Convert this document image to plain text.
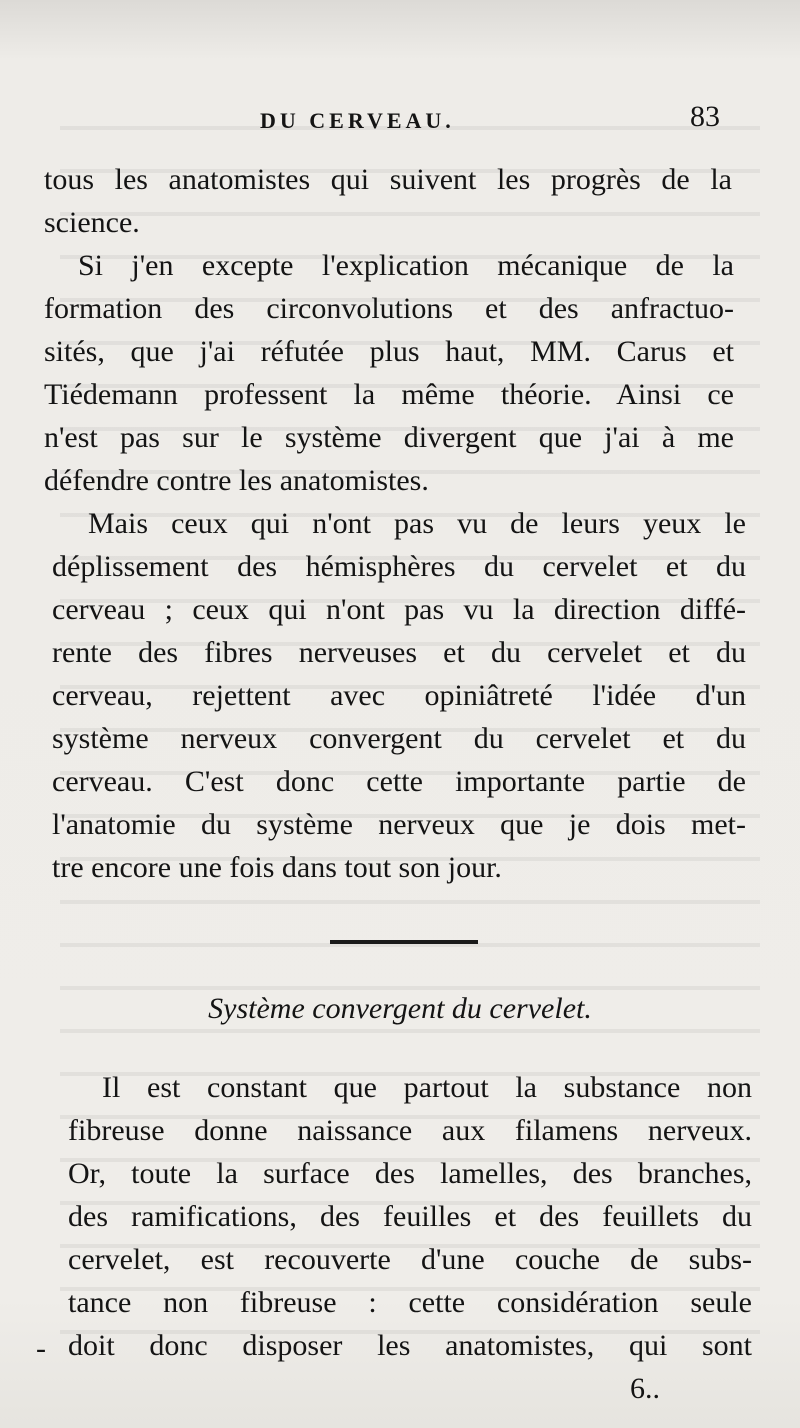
DU CERVEAU.	83
tous les anatomistes qui suivent les progrès de la
science.
Si j'en excepte l'explication mécanique de la
formation des circonvolutions et des anfractuo-
sités, que j'ai réfutée plus haut, MM. Carus et
Tiédemann professent la même théorie. Ainsi ce
n'est pas sur le système divergent que j'ai à me
défendre contre les anatomistes.
Mais ceux qui n'ont pas vu de leurs yeux le
déplissement des hémisphères du cervelet et du
cerveau ; ceux qui n'ont pas vu la direction diffé-
rente des fibres nerveuses et du cervelet et du
cerveau, rejettent avec opiniâtreté l'idée d'un
système nerveux convergent du cervelet et du
cerveau. C'est donc cette importante partie de
l'anatomie du système nerveux que je dois met-
tre encore une fois dans tout son jour.
Système convergent du cervelet.
Il est constant que partout la substance non
fibreuse donne naissance aux filamens nerveux.
Or, toute la surface des lamelles, des branches,
des ramifications, des feuilles et des feuillets du
cervelet, est recouverte d'une couche de subs-
tance non fibreuse : cette considération seule
doit donc disposer les anatomistes, qui sont
-
6..
